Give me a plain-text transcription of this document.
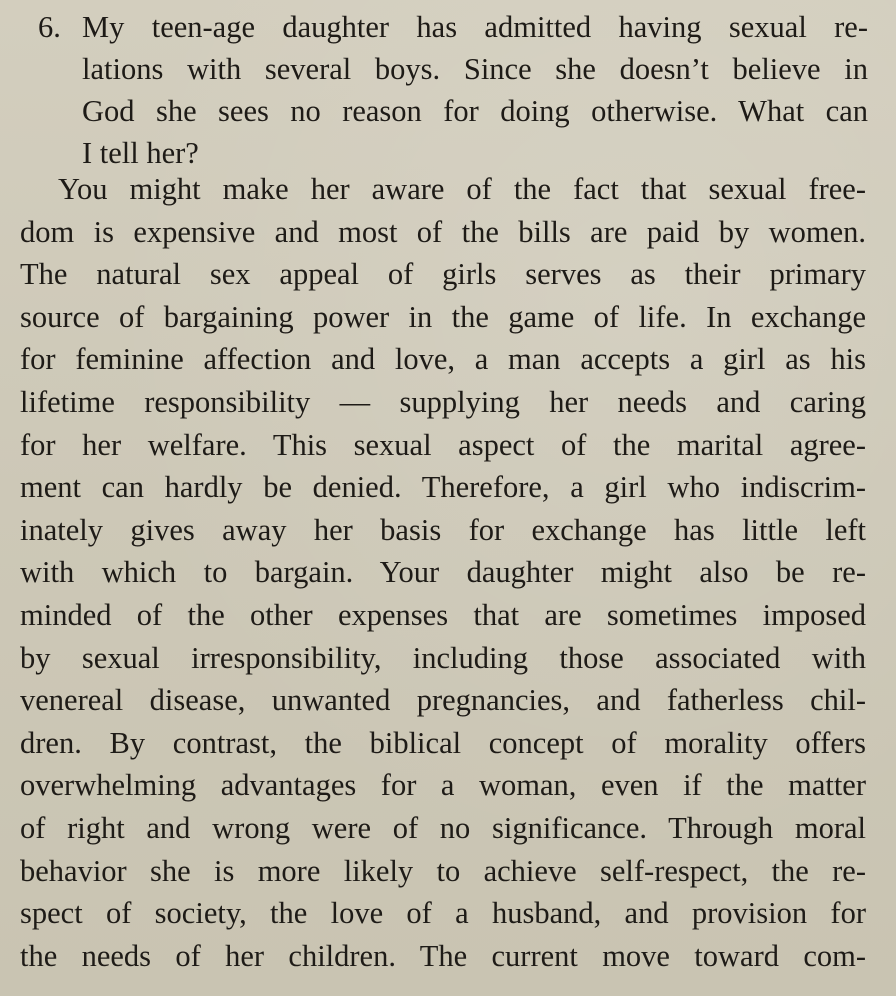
6. My teen-age daughter has admitted having sexual re-
lations with several boys. Since she doesn’t believe in
God she sees no reason for doing otherwise. What can
I tell her?
You might make her aware of the fact that sexual free-
dom is expensive and most of the bills are paid by women.
The natural sex appeal of girls serves as their primary
source of bargaining power in the game of life. In exchange
for feminine affection and love, a man accepts a girl as his
lifetime responsibility — supplying her needs and caring
for her welfare. This sexual aspect of the marital agree-
ment can hardly be denied. Therefore, a girl who indiscrim-
inately gives away her basis for exchange has little left
with which to bargain. Your daughter might also be re-
minded of the other expenses that are sometimes imposed
by sexual irresponsibility, including those associated with
venereal disease, unwanted pregnancies, and fatherless chil-
dren. By contrast, the biblical concept of morality offers
overwhelming advantages for a woman, even if the matter
of right and wrong were of no significance. Through moral
behavior she is more likely to achieve self-respect, the re-
spect of society, the love of a husband, and provision for
the needs of her children. The current move toward com-
